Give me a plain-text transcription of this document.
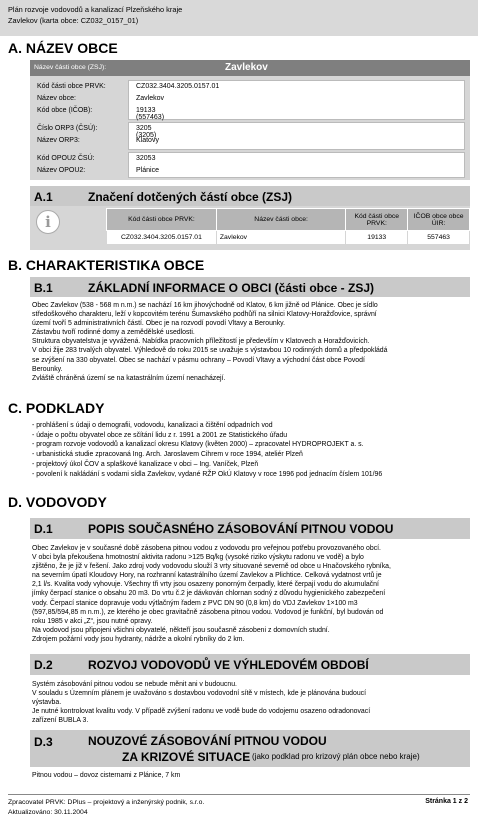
Plán rozvoje vodovodů a kanalizací Plzeňského kraje
Zavlekov (karta obce: CZ032_0157_01)
A. NÁZEV OBCE
Název části obce (ZSJ):	Zavlekov
Kód části obce PRVK:	CZ032.3404.3205.0157.01
Název obce:	Zavlekov
Kód obce (IČOB):	19133 (557463)
Číslo ORP3 (ČSÚ):	3205 (3205)
Název ORP3:	Klatovy
Kód OPOU2 ČSÚ:	32053
Název OPOU2:	Plánice
A.1	Značení dotčených částí obce (ZSJ)
i	Kód části obce PRVK:	Název části obce:	Kód části obce PRVK:	IČOB obce obce ÚIR:
CZ032.3404.3205.0157.01	Zavlekov	19133	557463
B. CHARAKTERISTIKA OBCE
B.1	ZÁKLADNÍ INFORMACE O OBCI (části obce - ZSJ)

Obec Zavlekov (538 - 568 m n.m.) se nachází 16 km jihovýchodně od Klatov, 6 km jižně od Plánice. Obec je sídlo

středoškového charakteru, leží v kopcovitém terénu Šumavského podhůří na silnici Klatovy-Horažďovice, správní

území tvoří 5 administrativních částí. Obec je na rozvodí povodí Vltavy a Berounky.

Zástavbu tvoří rodinné domy a zemědělské usedlosti.

Struktura obyvatelstva je vyvážená. Nabídka pracovních příležitostí je především v Klatovech a Horažďovicích.

V obci žije 283 trvalých obyvatel. Výhledově do roku 2015 se uvažuje s výstavbou 10 rodinných domů a předpokládá

se zvýšení na 330 obyvatel. Obec se nachází v pásmu ochrany – Povodí Vltavy a východní část obce Povodí

Berounky.

Zvláště chráněná území se na katastrálním území nenacházejí.

C. PODKLADY
- prohlášení s údaji o demografii, vodovodu, kanalizaci a čištění odpadních vod
- údaje o počtu obyvatel obce ze sčítání lidu z r. 1991 a 2001 ze Statistického úřadu
- program rozvoje vodovodů a kanalizací okresu Klatovy (květen 2000) – zpracovatel HYDROPROJEKT a. s.
- urbanistická studie zpracovaná Ing. Arch. Jaroslavem Cihrem v roce 1994, ateliér Plzeň
- projektový úkol ČOV a splaškové kanalizace v obci – Ing. Vaníček, Plzeň
- povolení k nakládání s vodami sídla Zavlekov, vydané RŽP OkÚ Klatovy v roce 1996 pod jednacím číslem 101/96
D. VODOVODY
D.1	POPIS SOUČASNÉHO ZÁSOBOVÁNÍ PITNOU VODOU

Obec Zavlekov je v současné době zásobena pitnou vodou z vodovodu pro veřejnou potřebu provozovaného obcí.

V obci byla překoušena hmotnostní aktivita radonu >125 Bq/kg (vysoké riziko výskytu radonu ve vodě) a bylo

zjištěno, že je již v řešení. Jako zdroj vody vodovodu slouží 3 vrty situované severně od obce u Hnačovského rybníka,

na severním úpatí Kloudovy Hory, na rozhranní katastrálního území Zavlekov a Plichtice. Celková vydatnost vrtů je

2,1 l/s. Kvalita vody vyhovuje. Všechny tři vrty jsou osazeny ponorným čerpadly, které čerpají vodu do akumulační

jímky čerpací stanice o obsahu 20 m3. Do vrtu č.2 je dávkován chlornan sodný z důvodu hygienického zabezpečení

vody. Čerpací stanice dopravuje vodu výtlačným řadem z PVC DN 90 (0,8 km) do VDJ Zavlekov 1×100 m3

(597,85/594,85 m n.m.), ze kterého je obec gravitačně zásobena pitnou vodou. Vodovod je funkční, byl budován od

roku 1985 v akci „Z“, jsou nutné opravy.

Na vodovod jsou připojeni všichni obyvatelé, někteří jsou současně zásobeni z domovních studní.

Zdrojem požární vody jsou hydranty, nádrže a okolní rybníky do 2 km.

D.2	ROZVOJ VODOVODŮ VE VÝHLEDOVÉM OBDOBÍ

Systém zásobování pitnou vodou se nebude měnit ani v budoucnu.

V souladu s Územním plánem je uvažováno s dostavbou vodovodní sítě v místech, kde je plánována budoucí

výstavba.

Je nutné kontrolovat kvalitu vody. V případě zvýšení radonu ve vodě bude do vodojemu osazeno odradonovací

zařízení BUBLA 3.

D.3	NOUZOVÉ ZÁSOBOVÁNÍ PITNOU VODOU
ZA KRIZOVÉ SITUACE (jako podklad pro krizový plán obce nebo kraje)

Pitnou vodou – dovoz cisternami z Plánice, 7 km

Zpracovatel PRVK: DPlus – projektový a inženýrský podnik, s.r.o.
Aktualizováno: 30.11.2004
Stránka 1 z 2
